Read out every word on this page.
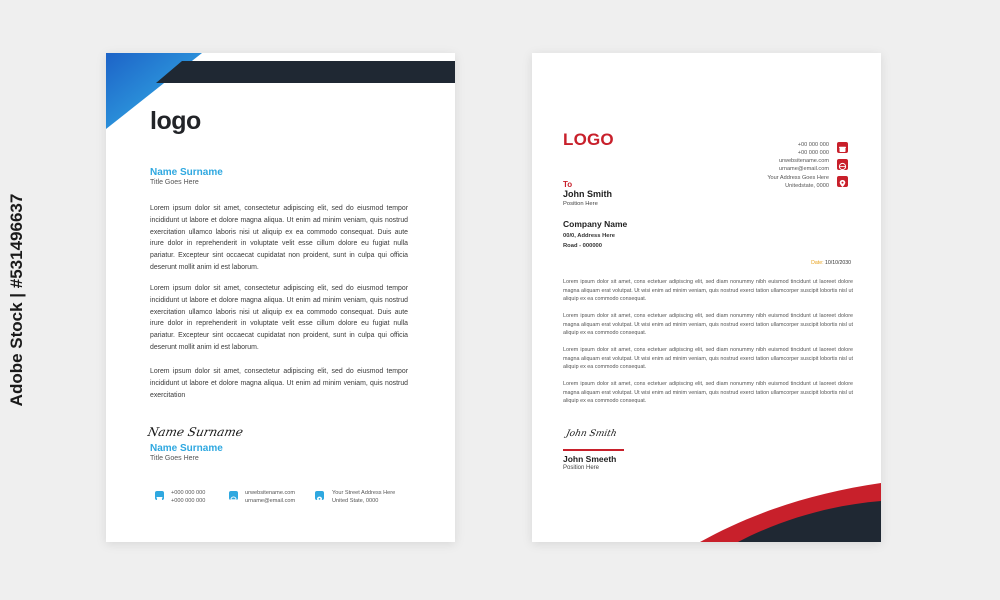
logo
Name Surname
Title Goes Here

Lorem ipsum dolor sit amet, consectetur adipiscing elit, sed do eiusmod tempor incididunt ut labore et dolore magna aliqua. Ut enim ad minim veniam, quis nostrud exercitation ullamco laboris nisi ut aliquip ex ea commodo consequat. Duis aute irure dolor in reprehenderit in voluptate velit esse cillum dolore eu fugiat nulla pariatur. Excepteur sint occaecat cupidatat non proident, sunt in culpa qui officia deserunt mollit anim id est laborum.

Lorem ipsum dolor sit amet, consectetur adipiscing elit, sed do eiusmod tempor incididunt ut labore et dolore magna aliqua. Ut enim ad minim veniam, quis nostrud exercitation ullamco laboris nisi ut aliquip ex ea commodo consequat. Duis aute irure dolor in reprehenderit in voluptate velit esse cillum dolore eu fugiat nulla pariatur. Excepteur sint occaecat cupidatat non proident, sunt in culpa qui officia deserunt mollit anim id est laborum.

Lorem ipsum dolor sit amet, consectetur adipiscing elit, sed do eiusmod tempor incididunt ut labore et dolore magna aliqua. Ut enim ad minim veniam, quis nostrud exercitation

Name Surname
Name Surname
Title Goes Here
+000 000 000
+000 000 000
urwebsitename.com
urname@email.com
Your Street Address Here
United State, 0000
LOGO	+00 000 000
+00 000 000
urwebsitename.com
urname@email.com
Your Address Goes Here
Unitedstate, 0000
To
John Smith
Position Here
Company Name
00/0, Address Here
Road - 000000
Date: 10/10/2030

Lorem ipsum dolor sit amet, cons ectetuer adipiscing elit, sed diam nonummy nibh euismod tincidunt ut laoreet dolore magna aliquam erat volutpat. Ut wisi enim ad minim veniam, quis nostrud exerci tation ullamcorper suscipit lobortis nisl ut aliquip ex ea commodo consequat.

Lorem ipsum dolor sit amet, cons ectetuer adipiscing elit, sed diam nonummy nibh euismod tincidunt ut laoreet dolore magna aliquam erat volutpat. Ut wisi enim ad minim veniam, quis nostrud exerci tation ullamcorper suscipit lobortis nisl ut aliquip ex ea commodo consequat.

Lorem ipsum dolor sit amet, cons ectetuer adipiscing elit, sed diam nonummy nibh euismod tincidunt ut laoreet dolore magna aliquam erat volutpat. Ut wisi enim ad minim veniam, quis nostrud exerci tation ullamcorper suscipit lobortis nisl ut aliquip ex ea commodo consequat.

Lorem ipsum dolor sit amet, cons ectetuer adipiscing elit, sed diam nonummy nibh euismod tincidunt ut laoreet dolore magna aliquam erat volutpat. Ut wisi enim ad minim veniam, quis nostrud exerci tation ullamcorper suscipit lobortis nisl ut aliquip ex ea commodo consequat.

John Smith
John Smeeth
Position Here
Adobe Stock | #531496637
